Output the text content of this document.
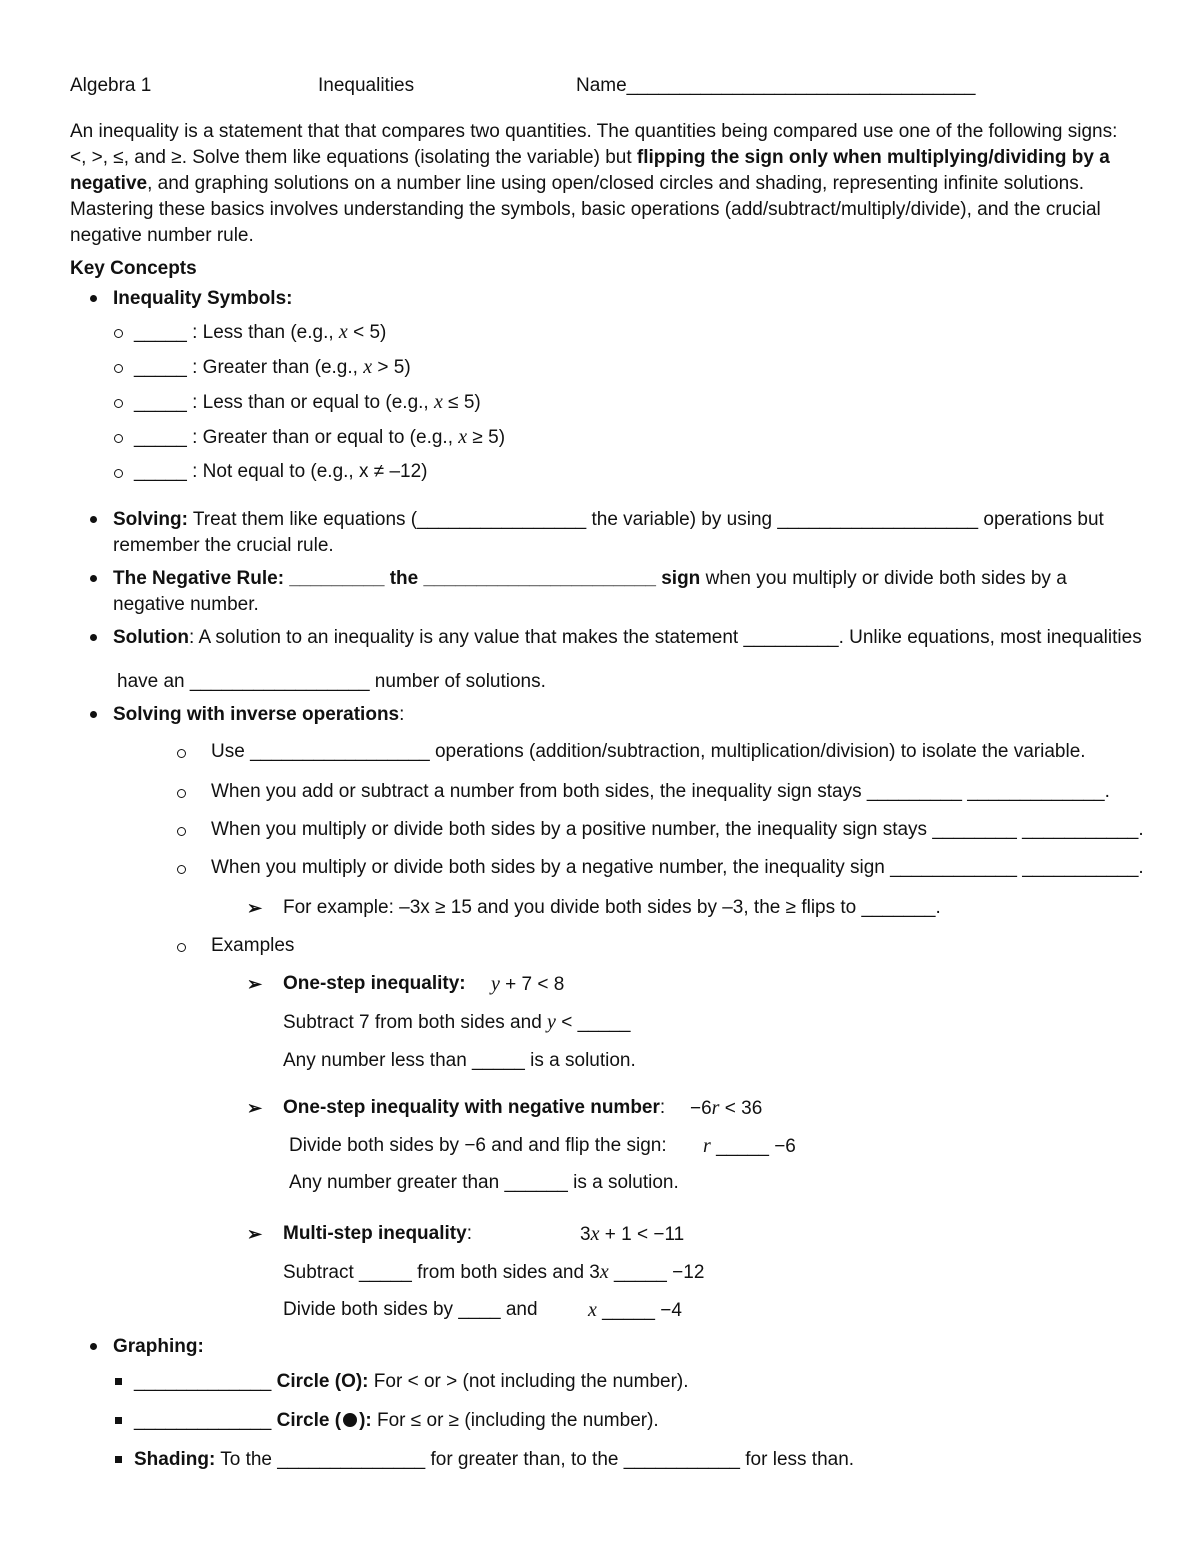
Algebra 1	Inequalities	Name_________________________________
An inequality is a statement that that compares two quantities. The quantities being compared use one of the following signs: <, >, ≤, and ≥. Solve them like equations (isolating the variable) but flipping the sign only when multiplying/dividing by a negative, and graphing solutions on a number line using open/closed circles and shading, representing infinite solutions. Mastering these basics involves understanding the symbols, basic operations (add/subtract/multiply/divide), and the crucial negative number rule.
Key Concepts
Inequality Symbols:
_____ : Less than (e.g., x < 5)
_____ : Greater than (e.g., x > 5)
_____ : Less than or equal to (e.g., x ≤ 5)
_____ : Greater than or equal to (e.g., x ≥ 5)
_____ : Not equal to (e.g., x ≠ –12)
Solving: Treat them like equations (________________ the variable) by using ___________________ operations but
remember the crucial rule.
The Negative Rule: _________ the ______________________ sign when you multiply or divide both sides by a
negative number.
Solution: A solution to an inequality is any value that makes the statement _________. Unlike equations, most inequalities
have an _________________ number of solutions.
Solving with inverse operations:
Use _________________ operations (addition/subtraction, multiplication/division) to isolate the variable.
When you add or subtract a number from both sides, the inequality sign stays _________ _____________.
When you multiply or divide both sides by a positive number, the inequality sign stays ________ ___________.
When you multiply or divide both sides by a negative number, the inequality sign ____________ ___________.
➢ For example: –3x ≥ 15 and you divide both sides by –3, the ≥ flips to _______.
Examples
➢ One-step inequality: y + 7 < 8
Subtract 7 from both sides and y < _____
Any number less than _____ is a solution.
➢ One-step inequality with negative number: −6r < 36
Divide both sides by −6 and and flip the sign: r _____ −6
Any number greater than ______ is a solution.
➢ Multi-step inequality:	3x + 1 < −11
Subtract _____ from both sides and 3x _____ −12
Divide both sides by ____ and	x _____ −4
Graphing:
_____________ Circle (O): For < or > (not including the number).
_____________ Circle ( ): For ≤ or ≥ (including the number).
Shading: To the ______________ for greater than, to the ___________ for less than.
